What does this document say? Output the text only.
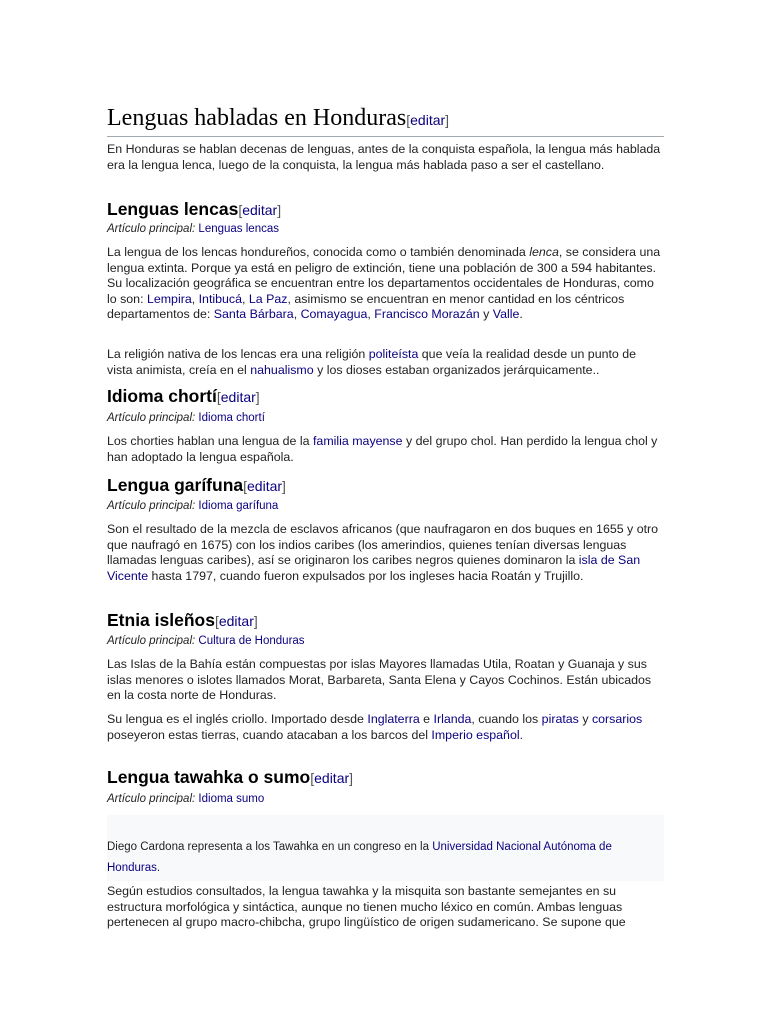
Lenguas habladas en Honduras[editar]
En Honduras se hablan decenas de lenguas, antes de la conquista española, la lengua más hablada era la lengua lenca, luego de la conquista, la lengua más hablada paso a ser el castellano.
Lenguas lencas[editar]
Artículo principal: Lenguas lencas
La lengua de los lencas hondureños, conocida como o también denominada lenca, se considera una lengua extinta. Porque ya está en peligro de extinción, tiene una población de 300 a 594 habitantes. Su localización geográfica se encuentran entre los departamentos occidentales de Honduras, como lo son: Lempira, Intibucá, La Paz, asimismo se encuentran en menor cantidad en los céntricos departamentos de: Santa Bárbara, Comayagua, Francisco Morazán y Valle.
La religión nativa de los lencas era una religión politeísta que veía la realidad desde un punto de vista animista, creía en el nahualismo y los dioses estaban organizados jerárquicamente..
Idioma chortí[editar]
Artículo principal: Idioma chortí
Los chorties hablan una lengua de la familia mayense y del grupo chol. Han perdido la lengua chol y han adoptado la lengua española.
Lengua garífuna[editar]
Artículo principal: Idioma garífuna
Son el resultado de la mezcla de esclavos africanos (que naufragaron en dos buques en 1655 y otro que naufragó en 1675) con los indios caribes (los amerindios, quienes tenían diversas lenguas llamadas lenguas caribes), así se originaron los caribes negros quienes dominaron la isla de San Vicente hasta 1797, cuando fueron expulsados por los ingleses hacia Roatán y Trujillo.
Etnia isleños[editar]
Artículo principal: Cultura de Honduras
Las Islas de la Bahía están compuestas por islas Mayores llamadas Utila, Roatan y Guanaja y sus islas menores o islotes llamados Morat, Barbareta, Santa Elena y Cayos Cochinos. Están ubicados en la costa norte de Honduras.
Su lengua es el inglés criollo. Importado desde Inglaterra e Irlanda, cuando los piratas y corsarios poseyeron estas tierras, cuando atacaban a los barcos del Imperio español.
Lengua tawahka o sumo[editar]
Artículo principal: Idioma sumo
Diego Cardona representa a los Tawahka en un congreso en la Universidad Nacional Autónoma de Honduras.
Según estudios consultados, la lengua tawahka y la misquita son bastante semejantes en su estructura morfológica y sintáctica, aunque no tienen mucho léxico en común. Ambas lenguas pertenecen al grupo macro-chibcha, grupo lingüístico de origen sudamericano. Se supone que
